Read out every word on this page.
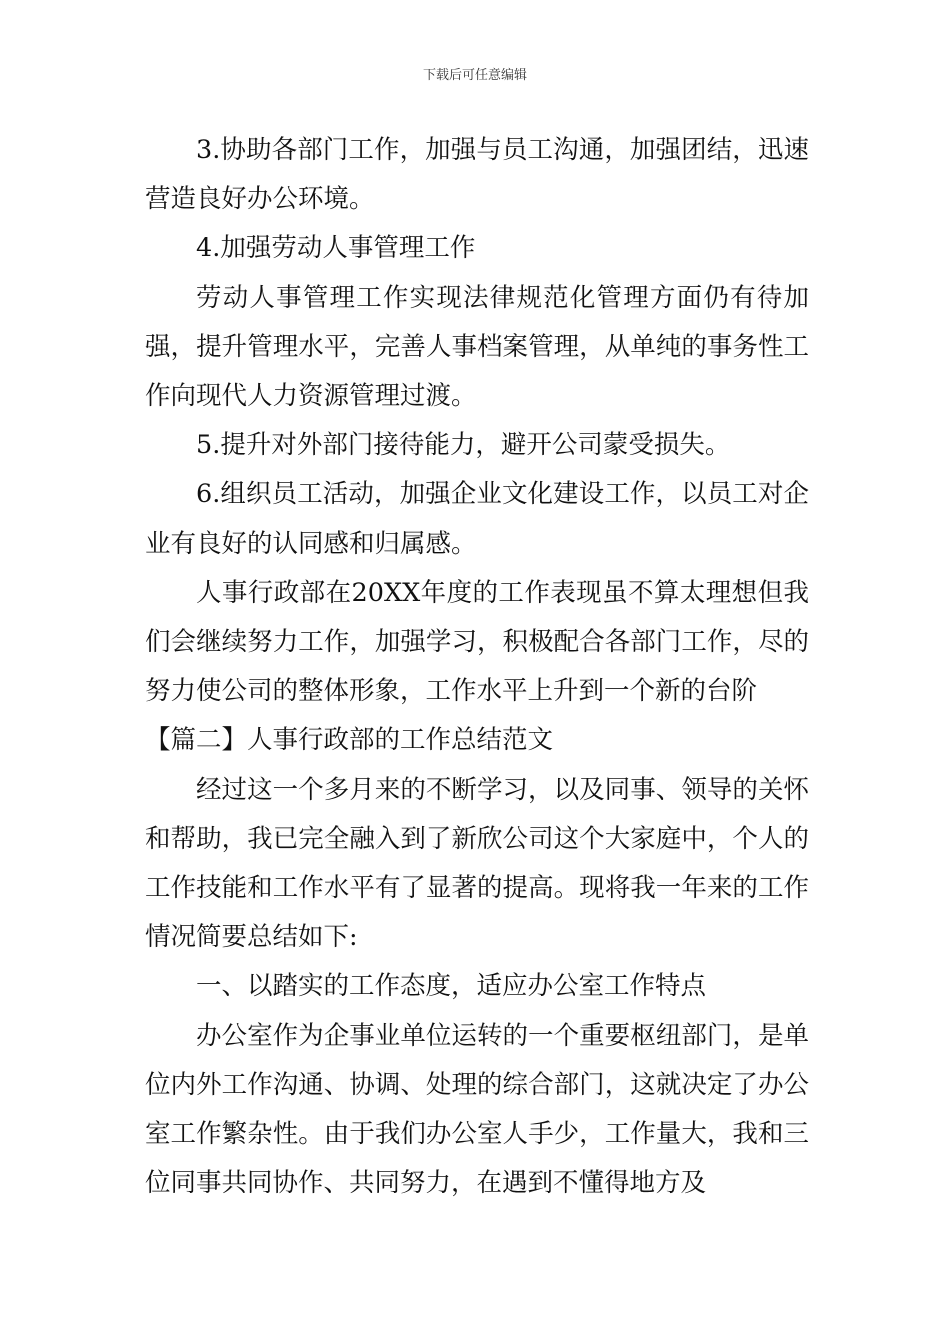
下载后可任意编辑

3.协助各部门工作，加强与员工沟通，加强团结，迅速营造良好办公环境。

4.加强劳动人事管理工作

劳动人事管理工作实现法律规范化管理方面仍有待加强，提升管理水平，完善人事档案管理，从单纯的事务性工作向现代人力资源管理过渡。

5.提升对外部门接待能力，避开公司蒙受损失。

6.组织员工活动，加强企业文化建设工作，以员工对企业有良好的认同感和归属感。

人事行政部在20XX年度的工作表现虽不算太理想但我们会继续努力工作，加强学习，积极配合各部门工作，尽的努力使公司的整体形象，工作水平上升到一个新的台阶

【篇二】人事行政部的工作总结范文

经过这一个多月来的不断学习，以及同事、领导的关怀和帮助，我已完全融入到了新欣公司这个大家庭中，个人的工作技能和工作水平有了显著的提高。现将我一年来的工作情况简要总结如下:

一、以踏实的工作态度，适应办公室工作特点

办公室作为企事业单位运转的一个重要枢纽部门，是单位内外工作沟通、协调、处理的综合部门，这就决定了办公室工作繁杂性。由于我们办公室人手少，工作量大，我和三位同事共同协作、共同努力，在遇到不懂得地方及
